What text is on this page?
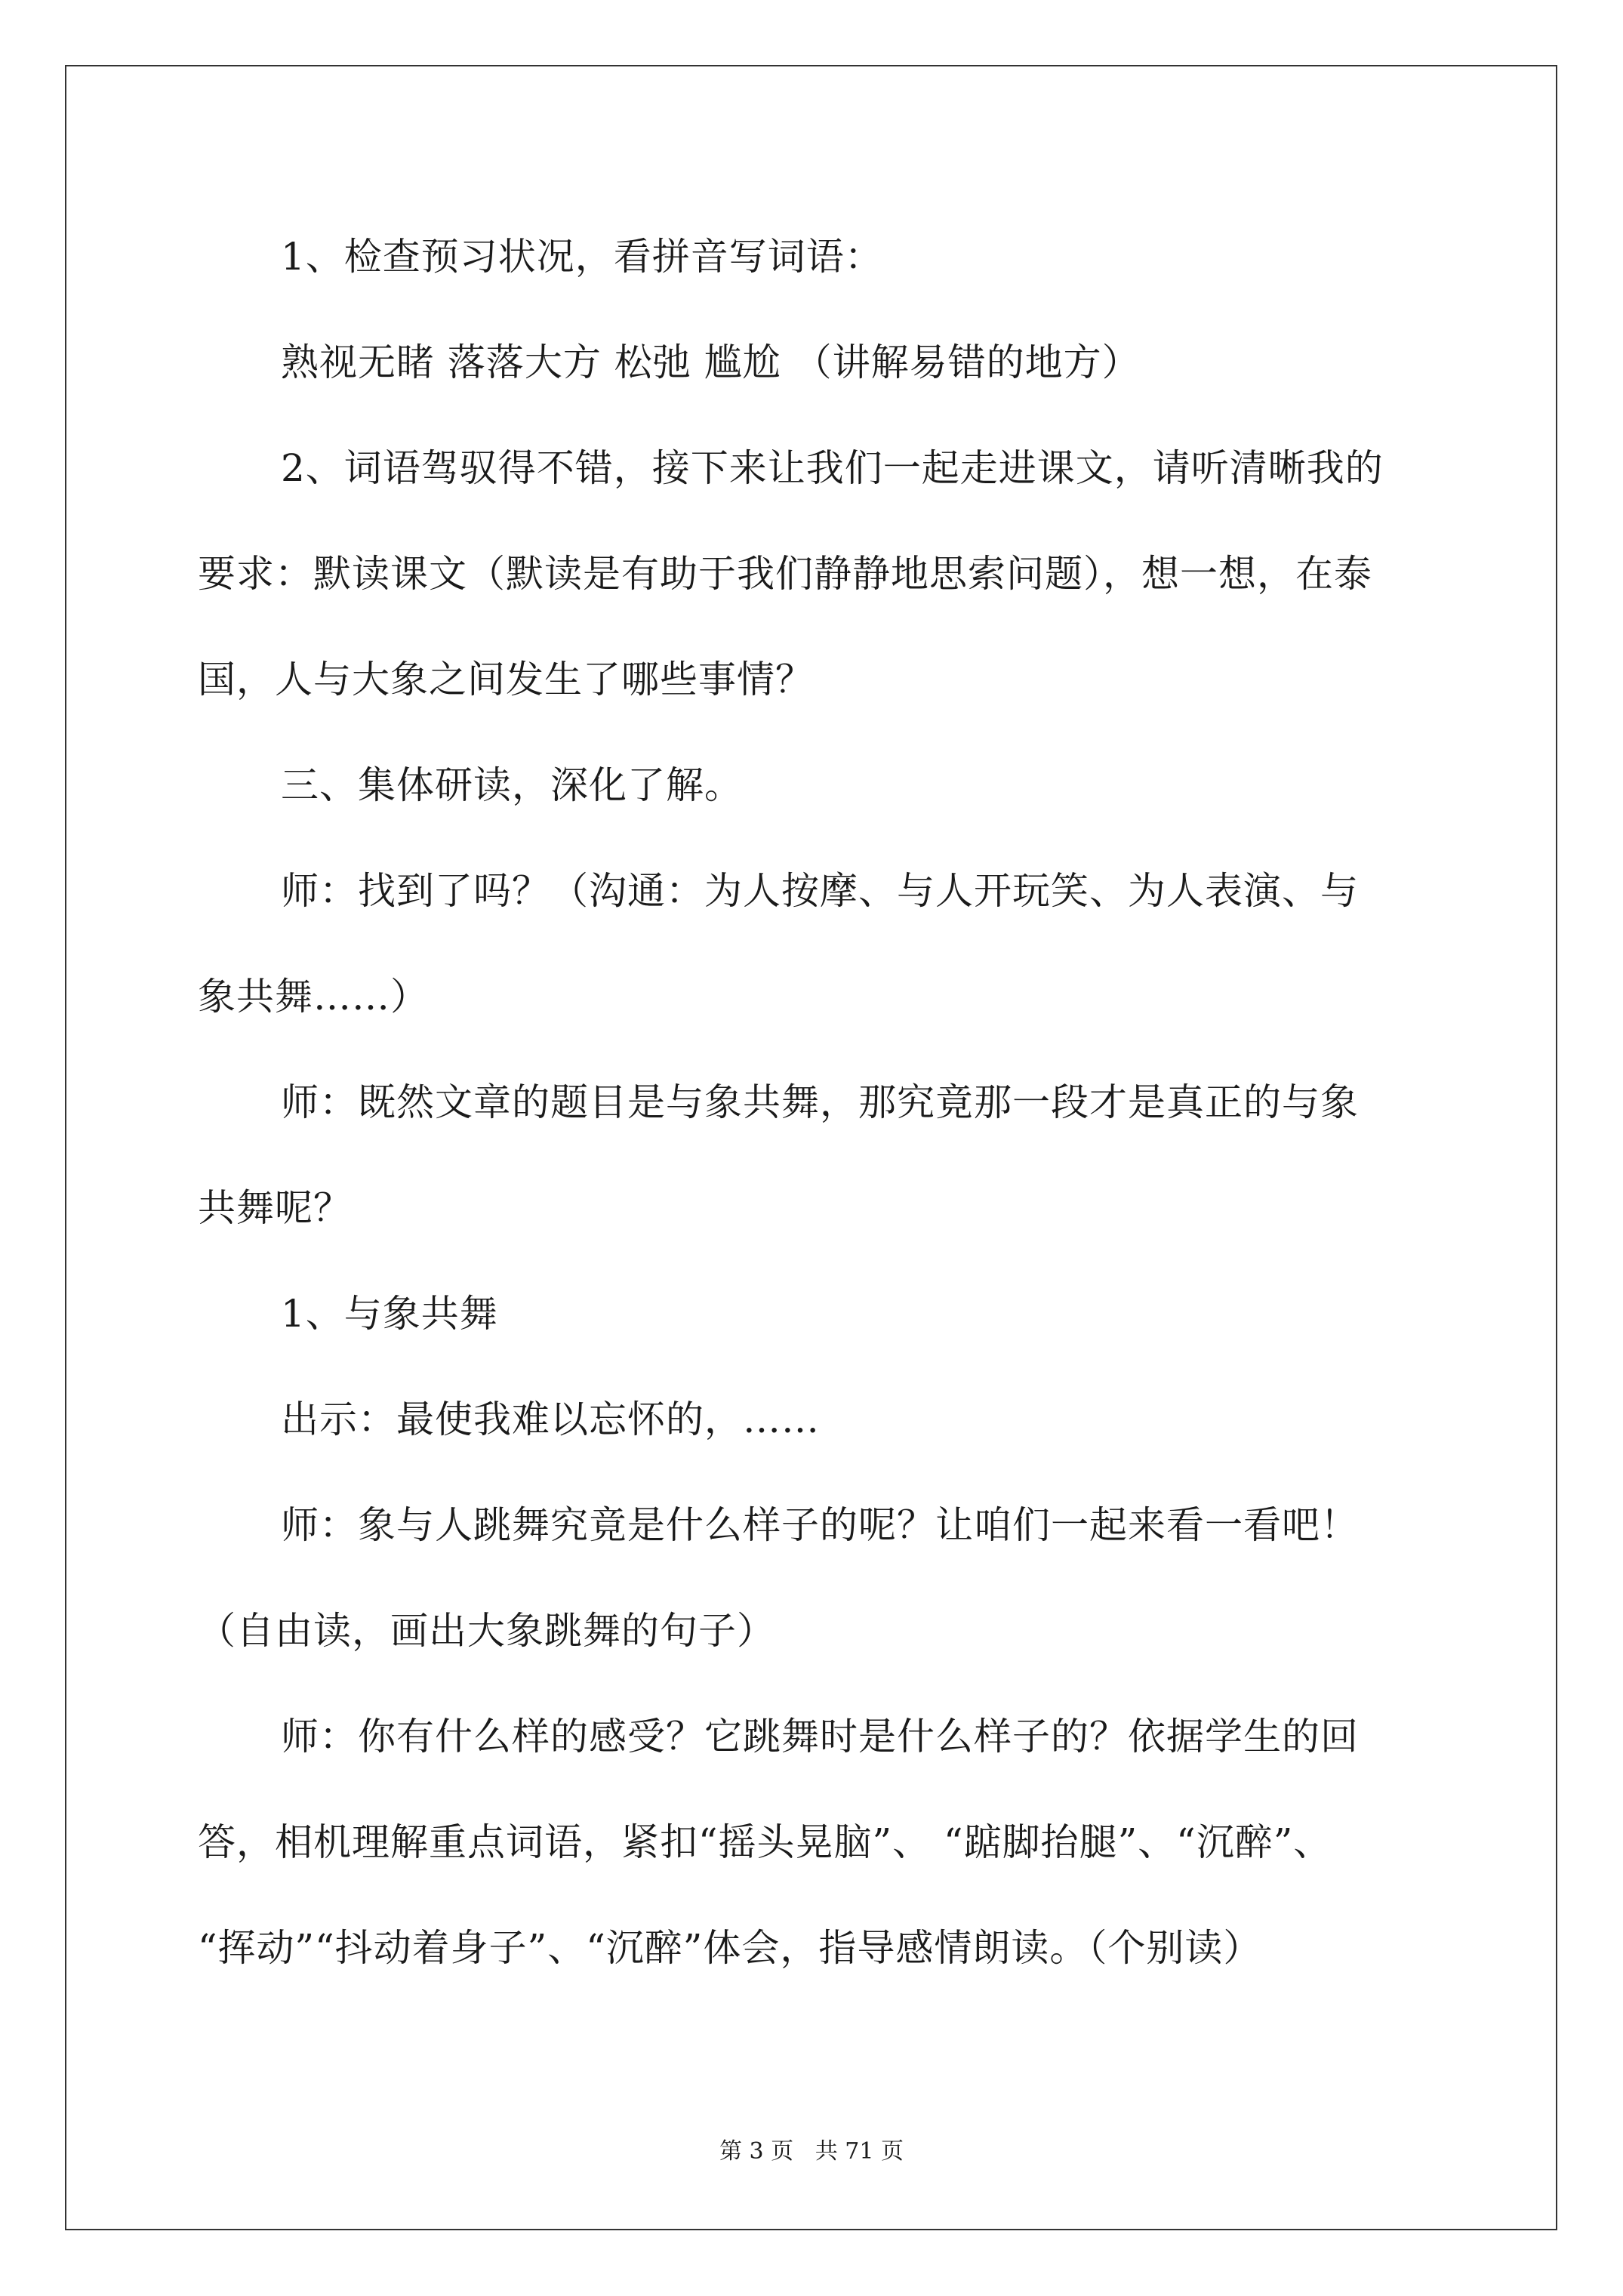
1、检查预习状况，看拼音写词语：
熟视无睹 落落大方 松弛 尴尬 （讲解易错的地方）
2、词语驾驭得不错，接下来让我们一起走进课文，请听清晰我的
要求：默读课文（默读是有助于我们静静地思索问题），想一想，在泰
国，人与大象之间发生了哪些事情？
三、集体研读，深化了解。
师：找到了吗？（沟通：为人按摩、与人开玩笑、为人表演、与
象共舞……）
师：既然文章的题目是与象共舞，那究竟那一段才是真正的与象
共舞呢？
1、与象共舞
出示：最使我难以忘怀的，……
师：象与人跳舞究竟是什么样子的呢？让咱们一起来看一看吧！
（自由读，画出大象跳舞的句子）
师：你有什么样的感受？它跳舞时是什么样子的？依据学生的回
答，相机理解重点词语，紧扣“摇头晃脑”、 “踮脚抬腿”、“沉醉”、
“挥动”“抖动着身子”、“沉醉”体会，指导感情朗读。（个别读）
第 3 页   共 71 页
